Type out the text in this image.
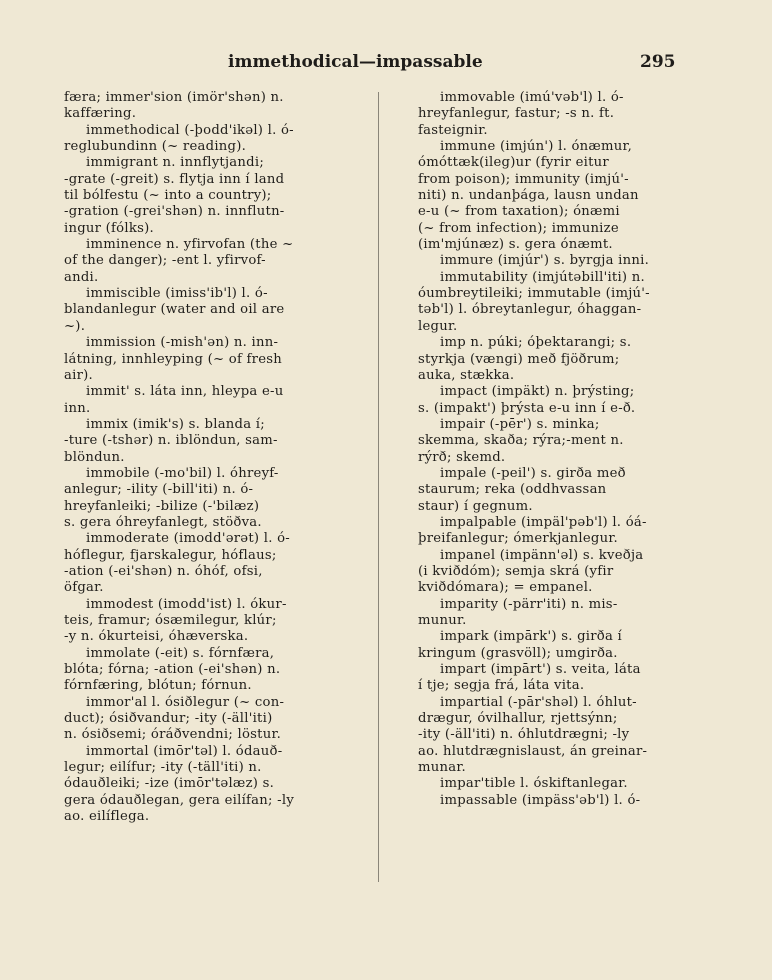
immethodical—impassable	295
færa; immer'sion (imör'shən) n.
kaffæring.
immethodical (-þodd'ikəl) l. ó-
reglubundinn (~ reading).
immigrant n. innflytjandi;
-grate (-greit) s. flytja inn í land
til bólfestu (~ into a country);
-gration (-grei'shən) n. innflutn-
ingur (fólks).
imminence n. yfirvofan (the ~
of the danger); -ent l. yfirvof-
andi.
immiscible (imiss'ib'l) l. ó-
blandanlegur (water and oil are
~).
immission (-mish'ən) n. inn-
látning, innhleyping (~ of fresh
air).
immit' s. láta inn, hleypa e-u
inn.
immix (imik's) s. blanda í;
-ture (-tshər) n. iblöndun, sam-
blöndun.
immobile (-mo'bil) l. óhreyf-
anlegur; -ility (-bill'iti) n. ó-
hreyfanleiki; -bilize (-'bilæz)
s. gera óhreyfanlegt, stöðva.
immoderate (imodd'ərət) l. ó-
hóflegur, fjarskalegur, hóflaus;
-ation (-ei'shən) n. óhóf, ofsi,
öfgar.
immodest (imodd'ist) l. ókur-
teis, framur; ósæmilegur, klúr;
-y n. ókurteisi, óhæverska.
immolate (-eit) s. fórnfæra,
blóta; fórna; -ation (-ei'shən) n.
fórnfæring, blótun; fórnun.
immor'al l. ósiðlegur (~ con-
duct); ósiðvandur; -ity (-äll'iti)
n. ósiðsemi; óráðvendni; löstur.
immortal (imōr'təl) l. ódauð-
legur; eilífur; -ity (-täll'iti) n.
ódauðleiki; -ize (imōr'təlæz) s.
gera ódauðlegan, gera eilífan; -ly
ao. eilíflega.
immovable (imú'vəb'l) l. ó-
hreyfanlegur, fastur; -s n. ft.
fasteignir.
immune (imjún') l. ónæmur,
ómóttæk(ileg)ur (fyrir eitur
from poison); immunity (imjú'-
niti) n. undanþága, lausn undan
e-u (~ from taxation); ónæmi
(~ from infection); immunize
(im'mjúnæz) s. gera ónæmt.
immure (imjúr') s. byrgja inni.
immutability (imjútəbill'iti) n.
óumbreytileiki; immutable (imjú'-
təb'l) l. óbreytanlegur, óhaggan-
legur.
imp n. púki; óþektarangi; s.
styrkja (vængi) með fjöðrum;
auka, stækka.
impact (impäkt) n. þrýsting;
s. (impakt') þrýsta e-u inn í e-ð.
impair (-pēr') s. minka;
skemma, skaða; rýra;-ment n.
rýrð; skemd.
impale (-peil') s. girða með
staurum; reka (oddhvassan
staur) í gegnum.
impalpable (impäl'pəb'l) l. óá-
þreifanlegur; ómerkjanlegur.
impanel (impänn'əl) s. kveðja
(i kviðdóm); semja skrá (yfir
kviðdómara); = empanel.
imparity (-pärr'iti) n. mis-
munur.
impark (impārk') s. girða í
kringum (grasvöll); umgirða.
impart (impārt') s. veita, láta
í tje; segja frá, láta vita.
impartial (-pār'shəl) l. óhlut-
drægur, óvilhallur, rjettsýnn;
-ity (-äll'iti) n. óhlutdrægni; -ly
ao. hlutdrægnislaust, án greinar-
munar.
impar'tible l. óskiftanlegar.
impassable (impäss'əb'l) l. ó-
